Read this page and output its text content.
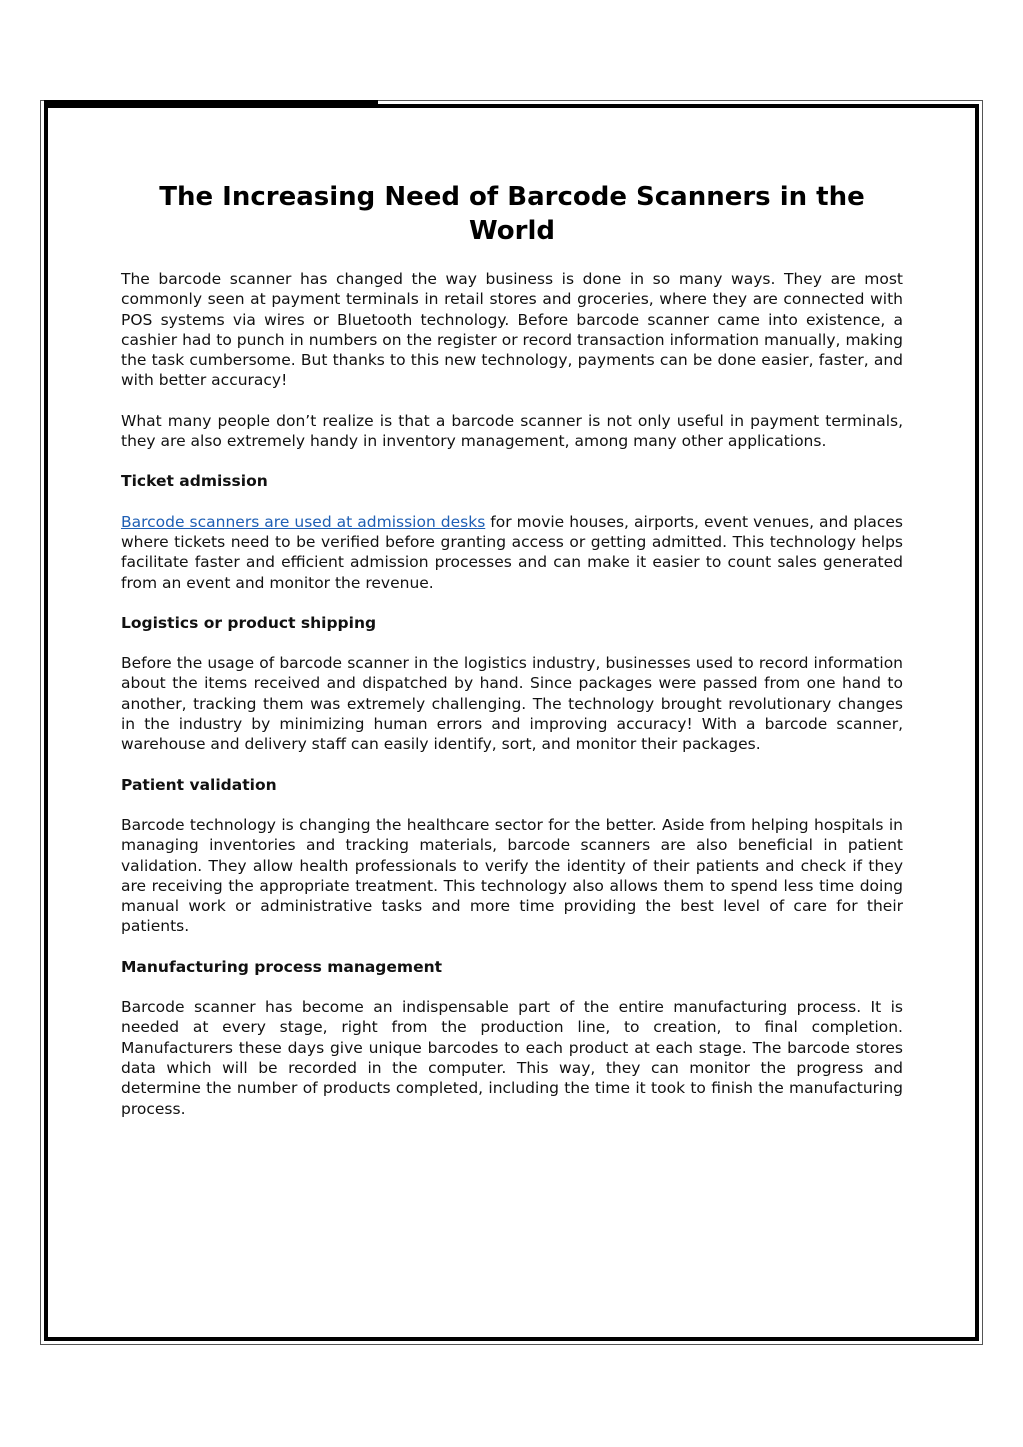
The Increasing Need of Barcode Scanners in the World

The barcode scanner has changed the way business is done in so many ways. They are most commonly seen at payment terminals in retail stores and groceries, where they are connected with POS systems via wires or Bluetooth technology. Before barcode scanner came into existence, a cashier had to punch in numbers on the register or record transaction information manually, making the task cumbersome. But thanks to this new technology, payments can be done easier, faster, and with better accuracy!

What many people don’t realize is that a barcode scanner is not only useful in payment terminals, they are also extremely handy in inventory management, among many other applications.

Ticket admission

Barcode scanners are used at admission desks for movie houses, airports, event venues, and places where tickets need to be verified before granting access or getting admitted. This technology helps facilitate faster and efficient admission processes and can make it easier to count sales generated from an event and monitor the revenue.

Logistics or product shipping

Before the usage of barcode scanner in the logistics industry, businesses used to record information about the items received and dispatched by hand. Since packages were passed from one hand to another, tracking them was extremely challenging. The technology brought revolutionary changes in the industry by minimizing human errors and improving accuracy! With a barcode scanner, warehouse and delivery staff can easily identify, sort, and monitor their packages.

Patient validation

Barcode technology is changing the healthcare sector for the better. Aside from helping hospitals in managing inventories and tracking materials, barcode scanners are also beneficial in patient validation. They allow health professionals to verify the identity of their patients and check if they are receiving the appropriate treatment. This technology also allows them to spend less time doing manual work or administrative tasks and more time providing the best level of care for their patients.

Manufacturing process management

Barcode scanner has become an indispensable part of the entire manufacturing process. It is needed at every stage, right from the production line, to creation, to final completion. Manufacturers these days give unique barcodes to each product at each stage. The barcode stores data which will be recorded in the computer. This way, they can monitor the progress and determine the number of products completed, including the time it took to finish the manufacturing process.
